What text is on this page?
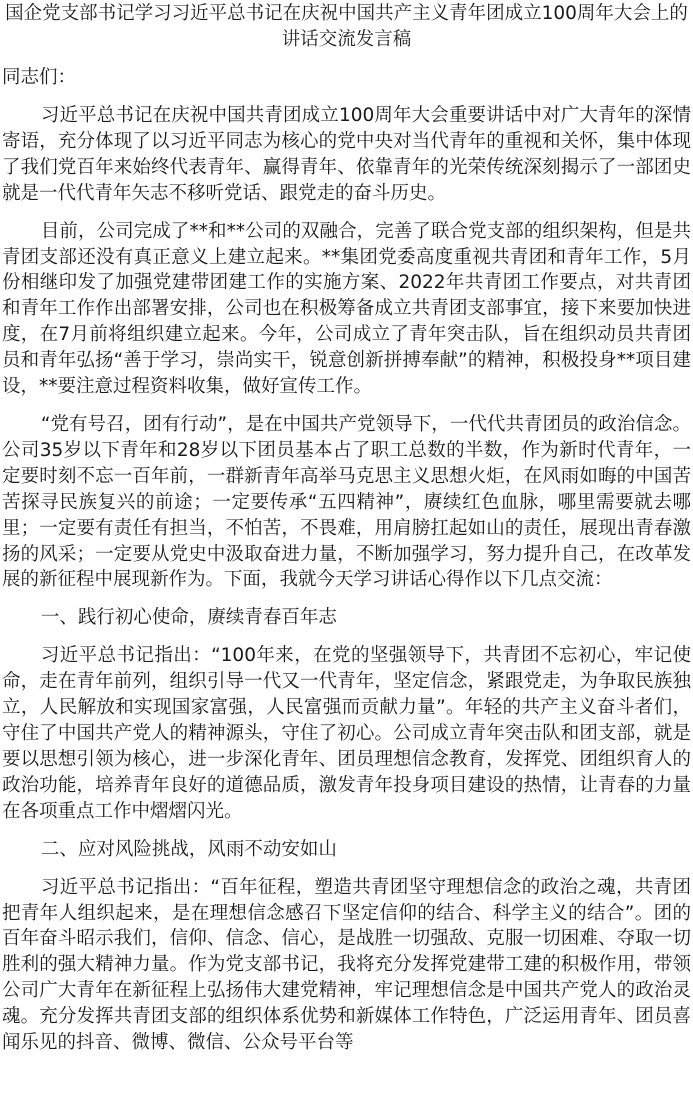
国企党支部书记学习习近平总书记在庆祝中国共产主义青年团成立100周年大会上的讲话交流发言稿

同志们：

习近平总书记在庆祝中国共青团成立100周年大会重要讲话中对广大青年的深情寄语，充分体现了以习近平同志为核心的党中央对当代青年的重视和关怀，集中体现了我们党百年来始终代表青年、赢得青年、依靠青年的光荣传统深刻揭示了一部团史就是一代代青年矢志不移听党话、跟党走的奋斗历史。

目前，公司完成了**和**公司的双融合，完善了联合党支部的组织架构，但是共青团支部还没有真正意义上建立起来。**集团党委高度重视共青团和青年工作，5月份相继印发了加强党建带团建工作的实施方案、2022年共青团工作要点，对共青团和青年工作作出部署安排，公司也在积极筹备成立共青团支部事宜，接下来要加快进度，在7月前将组织建立起来。今年，公司成立了青年突击队，旨在组织动员共青团员和青年弘扬“善于学习，崇尚实干，锐意创新拼搏奉献”的精神，积极投身**项目建设，**要注意过程资料收集，做好宣传工作。

“党有号召，团有行动”，是在中国共产党领导下，一代代共青团员的政治信念。公司35岁以下青年和28岁以下团员基本占了职工总数的半数，作为新时代青年，一定要时刻不忘一百年前，一群新青年高举马克思主义思想火炬，在风雨如晦的中国苦苦探寻民族复兴的前途；一定要传承“五四精神”，赓续红色血脉，哪里需要就去哪里；一定要有责任有担当，不怕苦，不畏难，用肩膀扛起如山的责任，展现出青春激扬的风采；一定要从党史中汲取奋进力量，不断加强学习，努力提升自己，在改革发展的新征程中展现新作为。下面，我就今天学习讲话心得作以下几点交流：

一、践行初心使命，赓续青春百年志

习近平总书记指出：“100年来，在党的坚强领导下，共青团不忘初心，牢记使命，走在青年前列，组织引导一代又一代青年，坚定信念，紧跟党走，为争取民族独立，人民解放和实现国家富强，人民富强而贡献力量”。年轻的共产主义奋斗者们，守住了中国共产党人的精神源头，守住了初心。公司成立青年突击队和团支部，就是要以思想引领为核心，进一步深化青年、团员理想信念教育，发挥党、团组织育人的政治功能，培养青年良好的道德品质，激发青年投身项目建设的热情，让青春的力量在各项重点工作中熠熠闪光。

二、应对风险挑战，风雨不动安如山

习近平总书记指出：“百年征程，塑造共青团坚守理想信念的政治之魂，共青团把青年人组织起来，是在理想信念感召下坚定信仰的结合、科学主义的结合”。团的百年奋斗昭示我们，信仰、信念、信心，是战胜一切强敌、克服一切困难、夺取一切胜利的强大精神力量。作为党支部书记，我将充分发挥党建带工建的积极作用，带领公司广大青年在新征程上弘扬伟大建党精神，牢记理想信念是中国共产党人的政治灵魂。充分发挥共青团支部的组织体系优势和新媒体工作特色，广泛运用青年、团员喜闻乐见的抖音、微博、微信、公众号平台等
